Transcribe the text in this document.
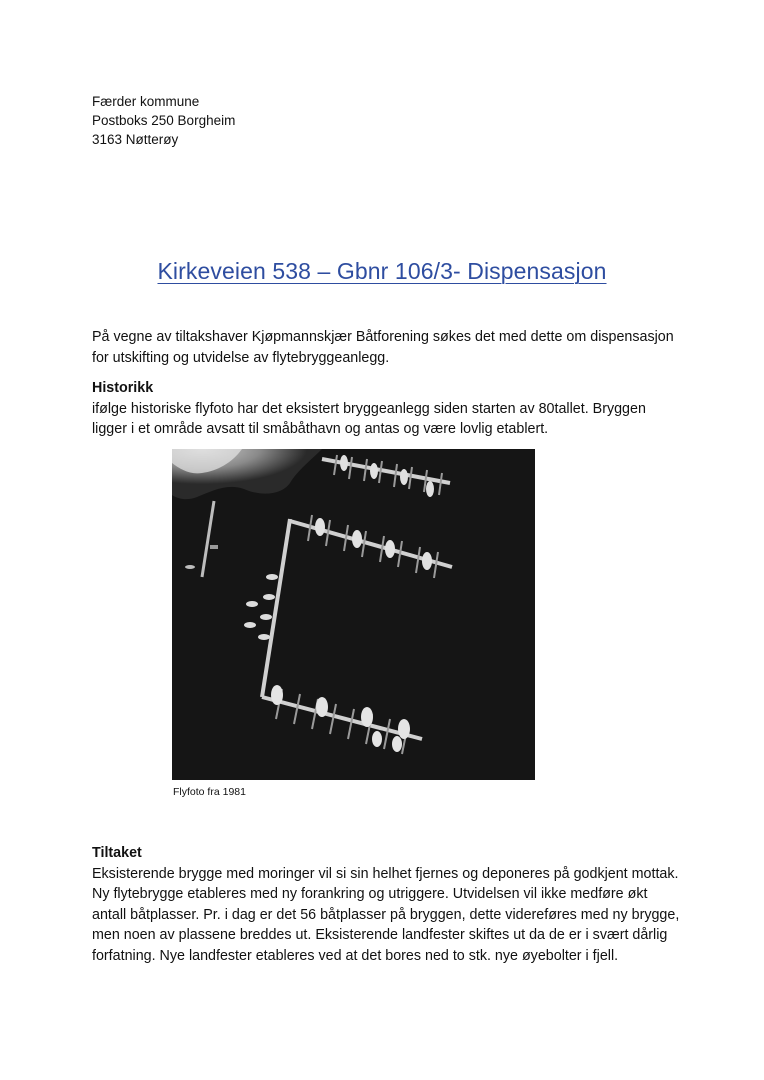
Færder kommune
Postboks 250 Borgheim
3163 Nøtterøy
Kirkeveien 538 – Gbnr 106/3- Dispensasjon
På vegne av tiltakshaver Kjøpmannskjær Båtforening søkes det med dette om dispensasjon
for utskifting og utvidelse av flytebryggeanlegg.
Historikk
ifølge historiske flyfoto har det eksistert bryggeanlegg siden starten av 80tallet. Bryggen
ligger i et område avsatt til småbåthavn og antas og være lovlig etablert.
Flyfoto fra 1981
Tiltaket
Eksisterende brygge med moringer vil si sin helhet fjernes og deponeres på godkjent mottak.
Ny flytebrygge etableres med ny forankring og utriggere. Utvidelsen vil ikke medføre økt
antall båtplasser. Pr. i dag er det 56 båtplasser på bryggen, dette videreføres med ny brygge,
men noen av plassene breddes ut. Eksisterende landfester skiftes ut da de er i svært dårlig
forfatning. Nye landfester etableres ved at det bores ned to stk. nye øyebolter i fjell.
